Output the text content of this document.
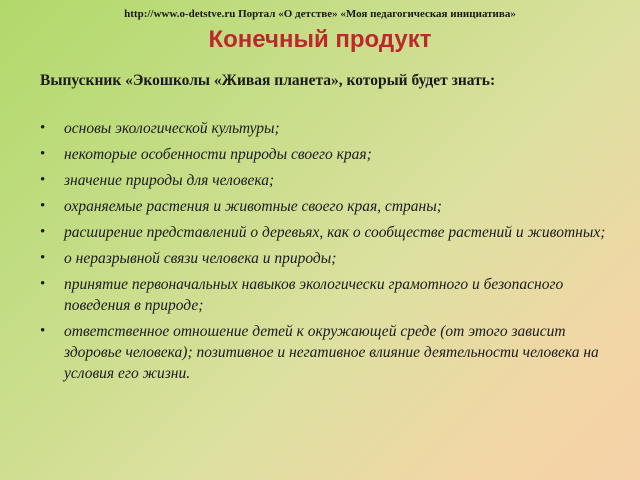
http://www.o-detstve.ru Портал «О детстве» «Моя педагогическая инициатива»
Конечный продукт
Выпускник «Экошколы «Живая планета», который будет знать:
• основы экологической культуры;
• некоторые особенности природы своего края;
• значение природы для человека;
• охраняемые растения и животные своего края, страны;
• расширение представлений о деревьях, как о сообществе растений и животных;
• о неразрывной связи человека и природы;
• принятие первоначальных навыков экологически грамотного и безопасного поведения в природе;
• ответственное отношение детей к окружающей среде (от этого зависит здоровье человека); позитивное и негативное влияние деятельности человека на условия его жизни.
